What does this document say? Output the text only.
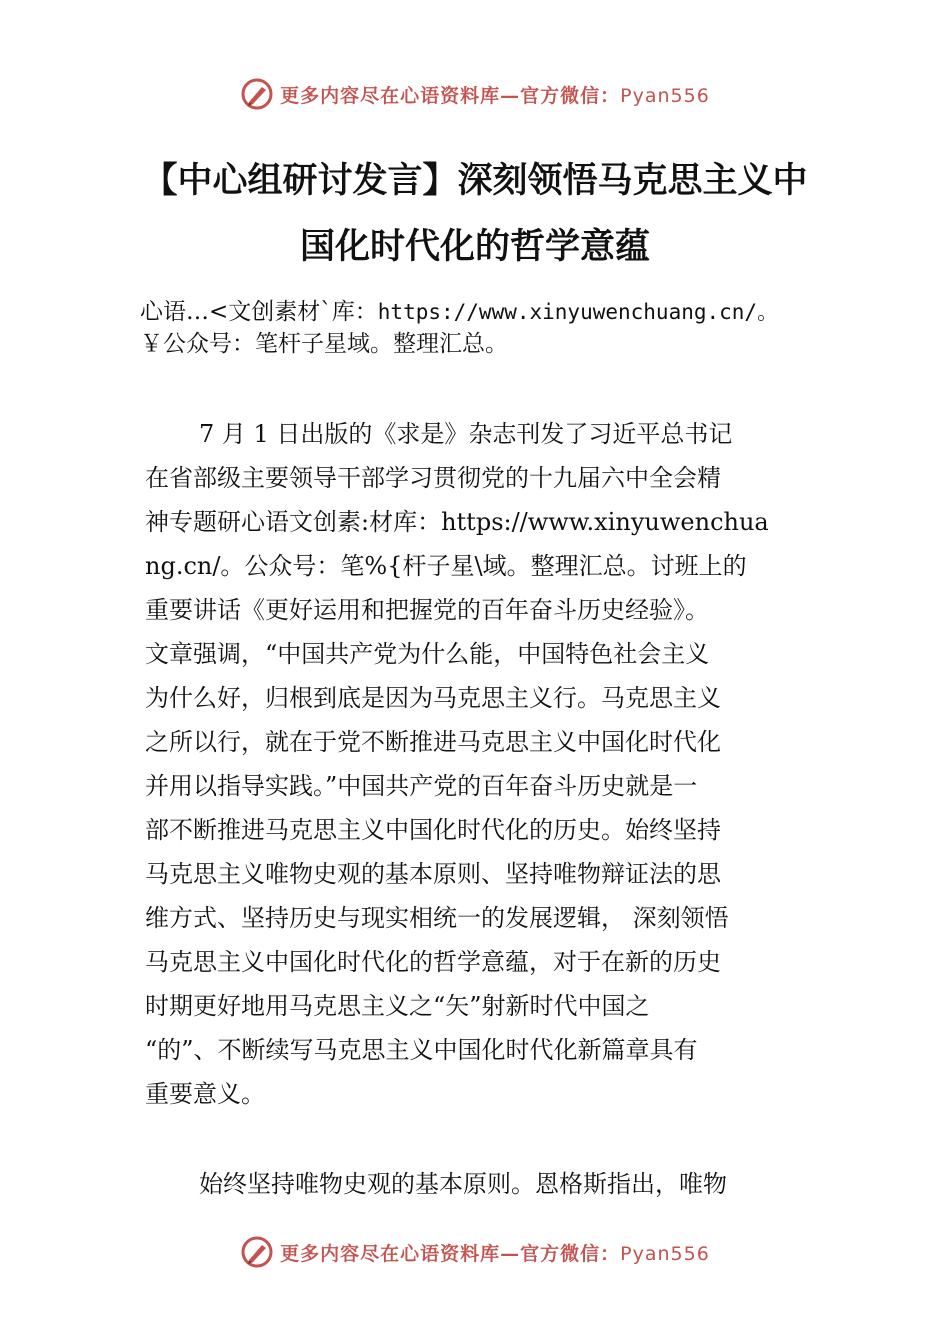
更多内容尽在心语资料库—官方微信：Pyan556
【中心组研讨发言】深刻领悟马克思主义中
国化时代化的哲学意蕴
心语…<文创素材`库：https://www.xinyuwenchuang.cn/。
￥公众号：笔杆子星域。整理汇总。
7 月 1 日出版的《求是》杂志刊发了习近平总书记
在省部级主要领导干部学习贯彻党的十九届六中全会精
神专题研心语文创素:材库：https://www.xinyuwenchua
ng.cn/。公众号：笔%{杆子星\域。整理汇总。讨班上的
重要讲话《更好运用和把握党的百年奋斗历史经验》。
文章强调，“中国共产党为什么能，中国特色社会主义
为什么好，归根到底是因为马克思主义行。马克思主义
之所以行，就在于党不断推进马克思主义中国化时代化
并用以指导实践。”中国共产党的百年奋斗历史就是一
部不断推进马克思主义中国化时代化的历史。始终坚持
马克思主义唯物史观的基本原则、坚持唯物辩证法的思
维方式、坚持历史与现实相统一的发展逻辑， 深刻领悟
马克思主义中国化时代化的哲学意蕴，对于在新的历史
时期更好地用马克思主义之“矢”射新时代中国之
“的”、不断续写马克思主义中国化时代化新篇章具有
重要意义。
始终坚持唯物史观的基本原则。恩格斯指出，唯物
更多内容尽在心语资料库—官方微信：Pyan556
